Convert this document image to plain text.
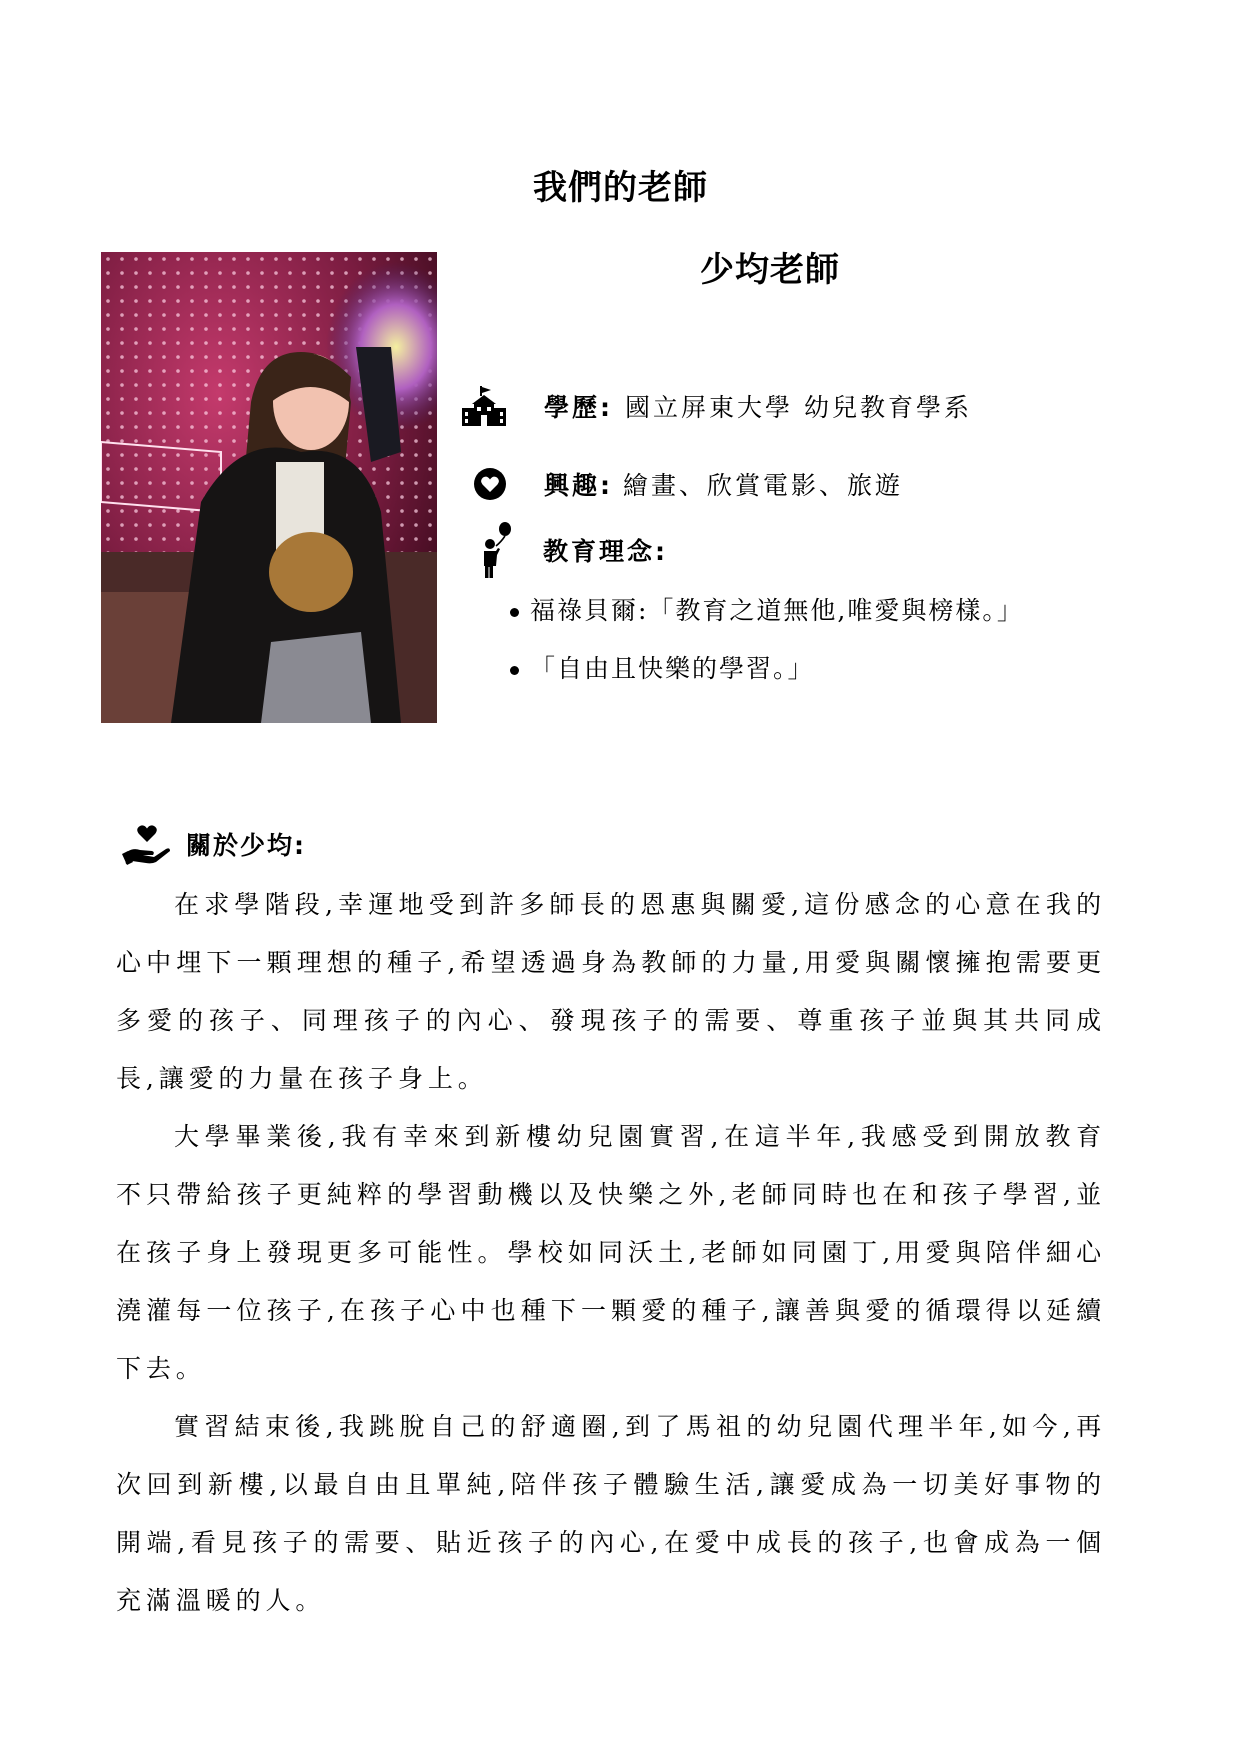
我們的老師
少均老師
學歷: 國立屏東大學 幼兒教育學系
興趣: 繪畫、欣賞電影、旅遊
教育理念:
福祿貝爾:「教育之道無他,唯愛與榜樣。」
「自由且快樂的學習。」
關於少均:

在求學階段,幸運地受到許多師長的恩惠與關愛,這份感念的心意在我的心中埋下一顆理想的種子,希望透過身為教師的力量,用愛與關懷擁抱需要更多愛的孩子、同理孩子的內心、發現孩子的需要、尊重孩子並與其共同成長,讓愛的力量在孩子身上。

大學畢業後,我有幸來到新樓幼兒園實習,在這半年,我感受到開放教育不只帶給孩子更純粹的學習動機以及快樂之外,老師同時也在和孩子學習,並在孩子身上發現更多可能性。學校如同沃土,老師如同園丁,用愛與陪伴細心澆灌每一位孩子,在孩子心中也種下一顆愛的種子,讓善與愛的循環得以延續下去。

實習結束後,我跳脫自己的舒適圈,到了馬祖的幼兒園代理半年,如今,再次回到新樓,以最自由且單純,陪伴孩子體驗生活,讓愛成為一切美好事物的開端,看見孩子的需要、貼近孩子的內心,在愛中成長的孩子,也會成為一個充滿溫暖的人。
